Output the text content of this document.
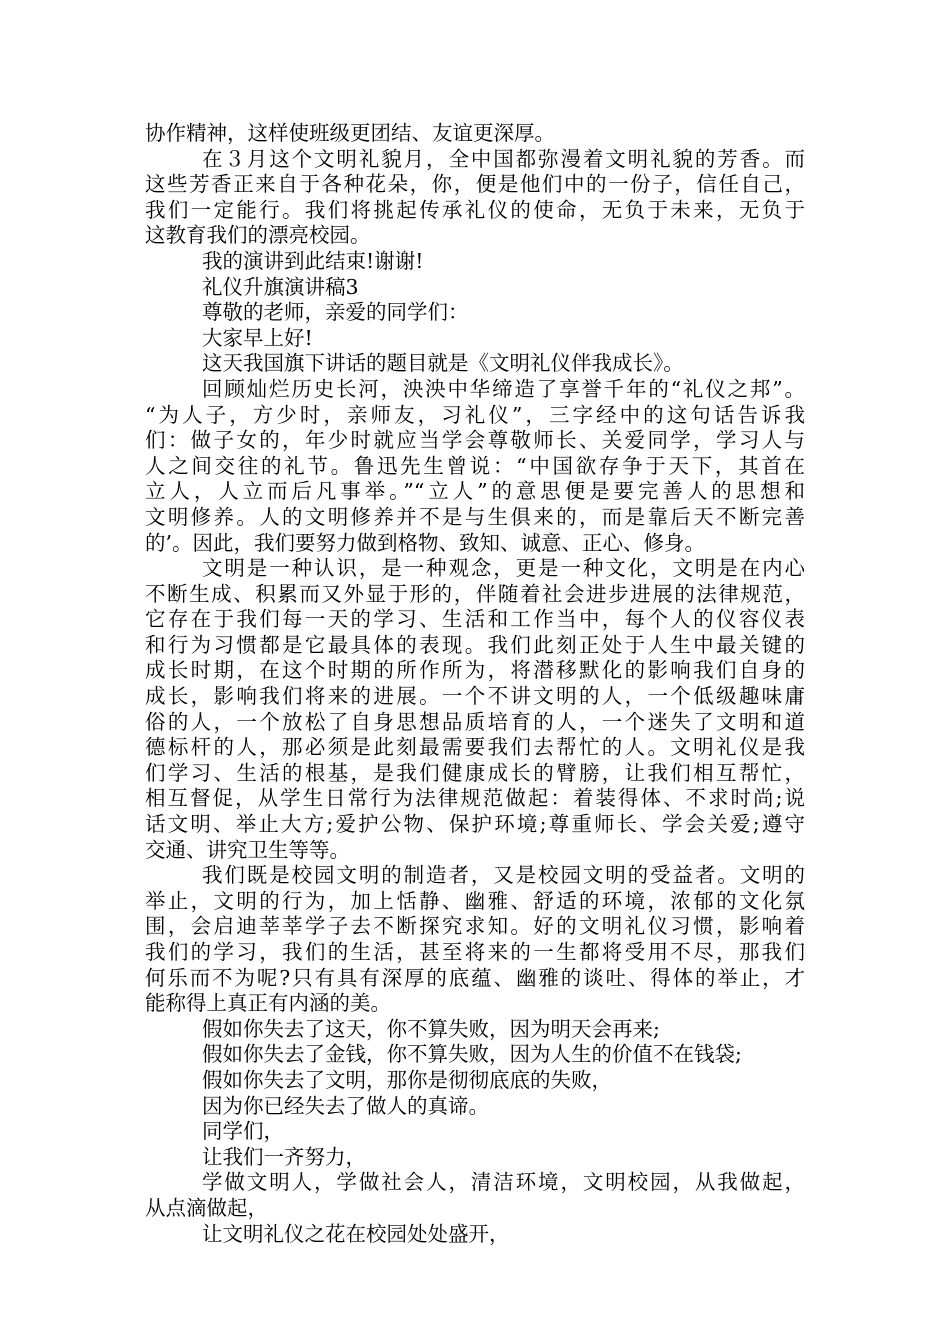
协作精神，这样使班级更团结、友谊更深厚。
在３月这个文明礼貌月，全中国都弥漫着文明礼貌的芳香。而
这些芳香正来自于各种花朵，你，便是他们中的一份子，信任自己，
我们一定能行。我们将挑起传承礼仪的使命，无负于未来，无负于
这教育我们的漂亮校园。
我的演讲到此结束!谢谢!
礼仪升旗演讲稿3
尊敬的老师，亲爱的同学们：
大家早上好!
这天我国旗下讲话的题目就是《文明礼仪伴我成长》。
回顾灿烂历史长河，泱泱中华缔造了享誉千年的“礼仪之邦”。
“为人子，方少时，亲师友，习礼仪”，三字经中的这句话告诉我
们：做子女的，年少时就应当学会尊敬师长、关爱同学，学习人与
人之间交往的礼节。鲁迅先生曾说：“中国欲存争于天下，其首在
立人，人立而后凡事举。”“立人”的意思便是要完善人的思想和
文明修养。人的文明修养并不是与生俱来的，而是靠后天不断完善
的’。因此，我们要努力做到格物、致知、诚意、正心、修身。
文明是一种认识，是一种观念，更是一种文化，文明是在内心
不断生成、积累而又外显于形的，伴随着社会进步进展的法律规范，
它存在于我们每一天的学习、生活和工作当中，每个人的仪容仪表
和行为习惯都是它最具体的表现。我们此刻正处于人生中最关键的
成长时期，在这个时期的所作所为，将潜移默化的影响我们自身的
成长，影响我们将来的进展。一个不讲文明的人，一个低级趣味庸
俗的人，一个放松了自身思想品质培育的人，一个迷失了文明和道
德标杆的人，那必须是此刻最需要我们去帮忙的人。文明礼仪是我
们学习、生活的根基，是我们健康成长的臂膀，让我们相互帮忙，
相互督促，从学生日常行为法律规范做起：着装得体、不求时尚;说
话文明、举止大方;爱护公物、保护环境;尊重师长、学会关爱;遵守
交通、讲究卫生等等。
我们既是校园文明的制造者，又是校园文明的受益者。文明的
举止，文明的行为，加上恬静、幽雅、舒适的环境，浓郁的文化氛
围，会启迪莘莘学子去不断探究求知。好的文明礼仪习惯，影响着
我们的学习，我们的生活，甚至将来的一生都将受用不尽，那我们
何乐而不为呢?只有具有深厚的底蕴、幽雅的谈吐、得体的举止，才
能称得上真正有内涵的美。
假如你失去了这天，你不算失败，因为明天会再来;
假如你失去了金钱，你不算失败，因为人生的价值不在钱袋;
假如你失去了文明，那你是彻彻底底的失败，
因为你已经失去了做人的真谛。
同学们，
让我们一齐努力，
学做文明人，学做社会人，清洁环境，文明校园，从我做起，
从点滴做起，
让文明礼仪之花在校园处处盛开，
